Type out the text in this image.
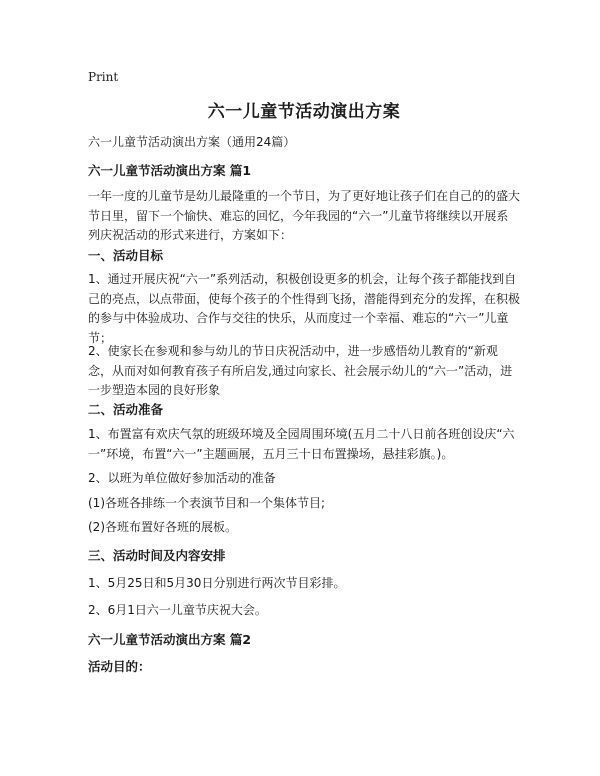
Print
六一儿童节活动演出方案

六一儿童节活动演出方案（通用24篇）

六一儿童节活动演出方案 篇1

一年一度的儿童节是幼儿最隆重的一个节日，为了更好地让孩子们在自己的的盛大节日里，留下一个愉快、难忘的回忆，今年我园的“六一”儿童节将继续以开展系列庆祝活动的形式来进行，方案如下：

一、活动目标

1、通过开展庆祝“六一”系列活动，积极创设更多的机会，让每个孩子都能找到自己的亮点，以点带面，使每个孩子的个性得到飞扬，潜能得到充分的发挥，在积极的参与中体验成功、合作与交往的快乐，从而度过一个幸福、难忘的“六一”儿童节；

2、使家长在参观和参与幼儿的节日庆祝活动中，进一步感悟幼儿教育的“新观念，从而对如何教育孩子有所启发,通过向家长、社会展示幼儿的“六一”活动，进一步塑造本园的良好形象

二、活动准备

1、布置富有欢庆气氛的班级环境及全园周围环境(五月二十八日前各班创设庆“六一”环境，布置“六一”主题画展，五月三十日布置操场，悬挂彩旗。)。

2、以班为单位做好参加活动的准备

(1)各班各排练一个表演节目和一个集体节目;

(2)各班布置好各班的展板。

三、活动时间及内容安排

1、5月25日和5月30日分别进行两次节目彩排。

2、6月1日六一儿童节庆祝大会。

六一儿童节活动演出方案 篇2

活动目的：
